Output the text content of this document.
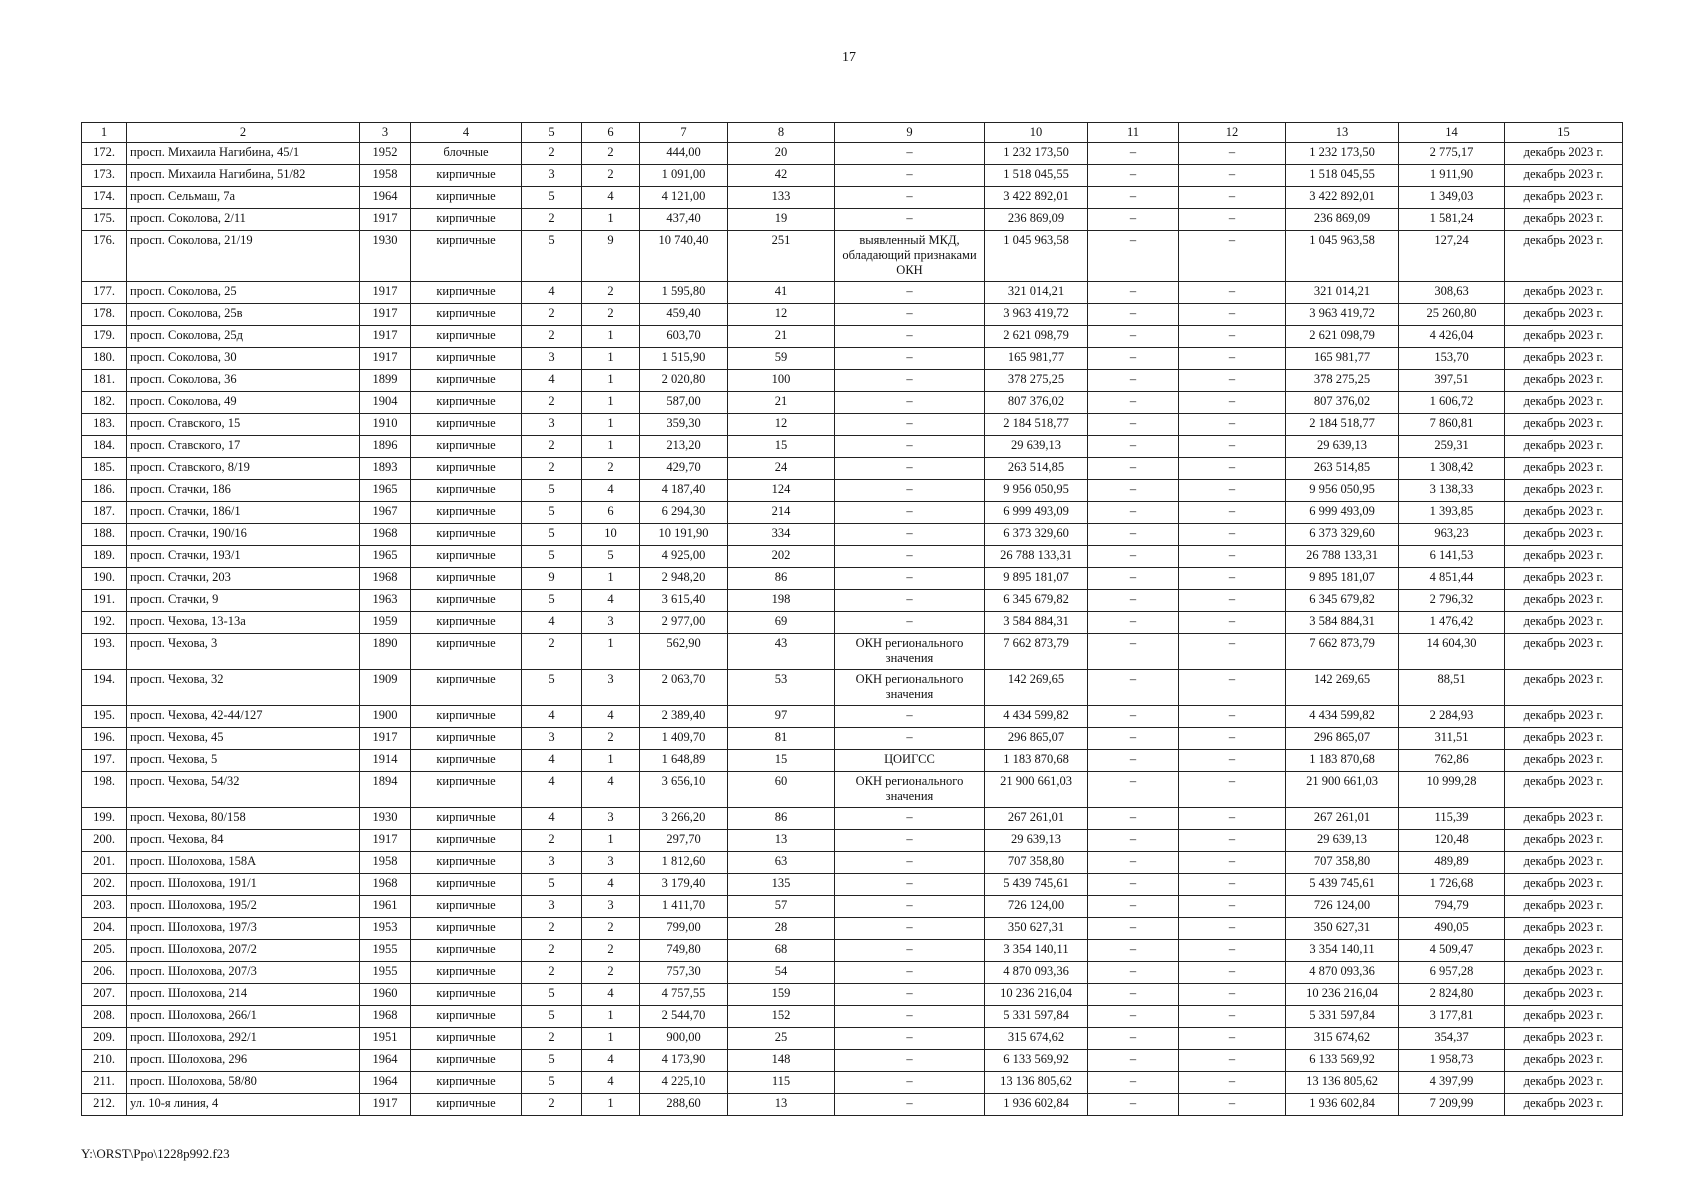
17
1	2	3	4	5	6	7	8	9	10	11	12	13	14	15
172.	просп. Михаила Нагибина, 45/1	1952	блочные	2	2	444,00	20	–	1 232 173,50	–	–	1 232 173,50	2 775,17	декабрь 2023 г.
173.	просп. Михаила Нагибина, 51/82	1958	кирпичные	3	2	1 091,00	42	–	1 518 045,55	–	–	1 518 045,55	1 911,90	декабрь 2023 г.
174.	просп. Сельмаш, 7а	1964	кирпичные	5	4	4 121,00	133	–	3 422 892,01	–	–	3 422 892,01	1 349,03	декабрь 2023 г.
175.	просп. Соколова, 2/11	1917	кирпичные	2	1	437,40	19	–	236 869,09	–	–	236 869,09	1 581,24	декабрь 2023 г.
176.	просп. Соколова, 21/19	1930	кирпичные	5	9	10 740,40	251	выявленный МКД, обладающий признаками ОКН	1 045 963,58	–	–	1 045 963,58	127,24	декабрь 2023 г.
177.	просп. Соколова, 25	1917	кирпичные	4	2	1 595,80	41	–	321 014,21	–	–	321 014,21	308,63	декабрь 2023 г.
178.	просп. Соколова, 25в	1917	кирпичные	2	2	459,40	12	–	3 963 419,72	–	–	3 963 419,72	25 260,80	декабрь 2023 г.
179.	просп. Соколова, 25д	1917	кирпичные	2	1	603,70	21	–	2 621 098,79	–	–	2 621 098,79	4 426,04	декабрь 2023 г.
180.	просп. Соколова, 30	1917	кирпичные	3	1	1 515,90	59	–	165 981,77	–	–	165 981,77	153,70	декабрь 2023 г.
181.	просп. Соколова, 36	1899	кирпичные	4	1	2 020,80	100	–	378 275,25	–	–	378 275,25	397,51	декабрь 2023 г.
182.	просп. Соколова, 49	1904	кирпичные	2	1	587,00	21	–	807 376,02	–	–	807 376,02	1 606,72	декабрь 2023 г.
183.	просп. Ставского, 15	1910	кирпичные	3	1	359,30	12	–	2 184 518,77	–	–	2 184 518,77	7 860,81	декабрь 2023 г.
184.	просп. Ставского, 17	1896	кирпичные	2	1	213,20	15	–	29 639,13	–	–	29 639,13	259,31	декабрь 2023 г.
185.	просп. Ставского, 8/19	1893	кирпичные	2	2	429,70	24	–	263 514,85	–	–	263 514,85	1 308,42	декабрь 2023 г.
186.	просп. Стачки, 186	1965	кирпичные	5	4	4 187,40	124	–	9 956 050,95	–	–	9 956 050,95	3 138,33	декабрь 2023 г.
187.	просп. Стачки, 186/1	1967	кирпичные	5	6	6 294,30	214	–	6 999 493,09	–	–	6 999 493,09	1 393,85	декабрь 2023 г.
188.	просп. Стачки, 190/16	1968	кирпичные	5	10	10 191,90	334	–	6 373 329,60	–	–	6 373 329,60	963,23	декабрь 2023 г.
189.	просп. Стачки, 193/1	1965	кирпичные	5	5	4 925,00	202	–	26 788 133,31	–	–	26 788 133,31	6 141,53	декабрь 2023 г.
190.	просп. Стачки, 203	1968	кирпичные	9	1	2 948,20	86	–	9 895 181,07	–	–	9 895 181,07	4 851,44	декабрь 2023 г.
191.	просп. Стачки, 9	1963	кирпичные	5	4	3 615,40	198	–	6 345 679,82	–	–	6 345 679,82	2 796,32	декабрь 2023 г.
192.	просп. Чехова, 13-13а	1959	кирпичные	4	3	2 977,00	69	–	3 584 884,31	–	–	3 584 884,31	1 476,42	декабрь 2023 г.
193.	просп. Чехова, 3	1890	кирпичные	2	1	562,90	43	ОКН регионального значения	7 662 873,79	–	–	7 662 873,79	14 604,30	декабрь 2023 г.
194.	просп. Чехова, 32	1909	кирпичные	5	3	2 063,70	53	ОКН регионального значения	142 269,65	–	–	142 269,65	88,51	декабрь 2023 г.
195.	просп. Чехова, 42-44/127	1900	кирпичные	4	4	2 389,40	97	–	4 434 599,82	–	–	4 434 599,82	2 284,93	декабрь 2023 г.
196.	просп. Чехова, 45	1917	кирпичные	3	2	1 409,70	81	–	296 865,07	–	–	296 865,07	311,51	декабрь 2023 г.
197.	просп. Чехова, 5	1914	кирпичные	4	1	1 648,89	15	ЦОИГСС	1 183 870,68	–	–	1 183 870,68	762,86	декабрь 2023 г.
198.	просп. Чехова, 54/32	1894	кирпичные	4	4	3 656,10	60	ОКН регионального значения	21 900 661,03	–	–	21 900 661,03	10 999,28	декабрь 2023 г.
199.	просп. Чехова, 80/158	1930	кирпичные	4	3	3 266,20	86	–	267 261,01	–	–	267 261,01	115,39	декабрь 2023 г.
200.	просп. Чехова, 84	1917	кирпичные	2	1	297,70	13	–	29 639,13	–	–	29 639,13	120,48	декабрь 2023 г.
201.	просп. Шолохова, 158А	1958	кирпичные	3	3	1 812,60	63	–	707 358,80	–	–	707 358,80	489,89	декабрь 2023 г.
202.	просп. Шолохова, 191/1	1968	кирпичные	5	4	3 179,40	135	–	5 439 745,61	–	–	5 439 745,61	1 726,68	декабрь 2023 г.
203.	просп. Шолохова, 195/2	1961	кирпичные	3	3	1 411,70	57	–	726 124,00	–	–	726 124,00	794,79	декабрь 2023 г.
204.	просп. Шолохова, 197/3	1953	кирпичные	2	2	799,00	28	–	350 627,31	–	–	350 627,31	490,05	декабрь 2023 г.
205.	просп. Шолохова, 207/2	1955	кирпичные	2	2	749,80	68	–	3 354 140,11	–	–	3 354 140,11	4 509,47	декабрь 2023 г.
206.	просп. Шолохова, 207/3	1955	кирпичные	2	2	757,30	54	–	4 870 093,36	–	–	4 870 093,36	6 957,28	декабрь 2023 г.
207.	просп. Шолохова, 214	1960	кирпичные	5	4	4 757,55	159	–	10 236 216,04	–	–	10 236 216,04	2 824,80	декабрь 2023 г.
208.	просп. Шолохова, 266/1	1968	кирпичные	5	1	2 544,70	152	–	5 331 597,84	–	–	5 331 597,84	3 177,81	декабрь 2023 г.
209.	просп. Шолохова, 292/1	1951	кирпичные	2	1	900,00	25	–	315 674,62	–	–	315 674,62	354,37	декабрь 2023 г.
210.	просп. Шолохова, 296	1964	кирпичные	5	4	4 173,90	148	–	6 133 569,92	–	–	6 133 569,92	1 958,73	декабрь 2023 г.
211.	просп. Шолохова, 58/80	1964	кирпичные	5	4	4 225,10	115	–	13 136 805,62	–	–	13 136 805,62	4 397,99	декабрь 2023 г.
212.	ул. 10-я линия, 4	1917	кирпичные	2	1	288,60	13	–	1 936 602,84	–	–	1 936 602,84	7 209,99	декабрь 2023 г.
Y:\ORST\Ppo\1228p992.f23
